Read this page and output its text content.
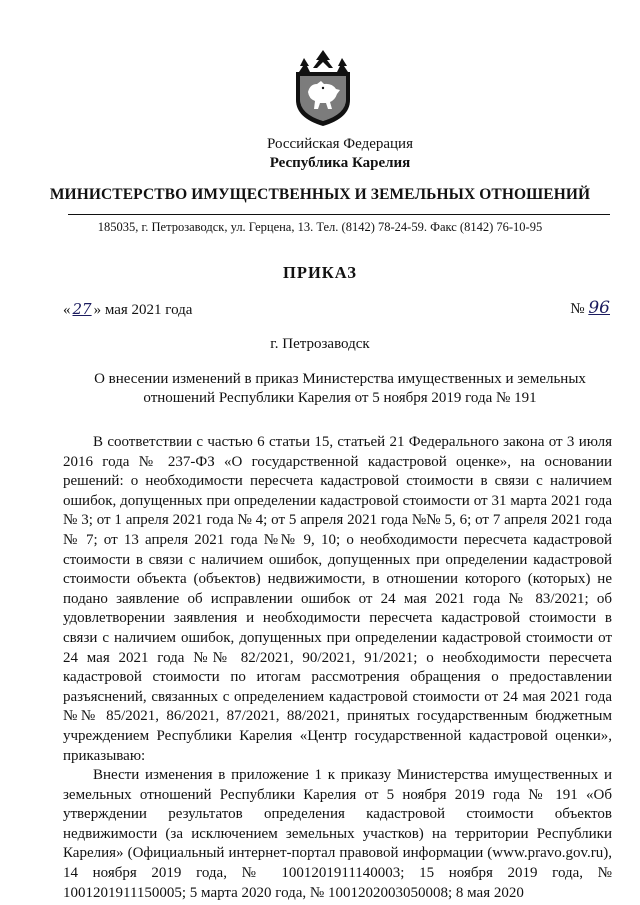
Российская Федерация
Республика Карелия
МИНИСТЕРСТВО ИМУЩЕСТВЕННЫХ И ЗЕМЕЛЬНЫХ ОТНОШЕНИЙ
185035, г. Петрозаводск, ул. Герцена, 13. Тел. (8142) 78-24-59. Факс (8142) 76-10-95
ПРИКАЗ
« 27 » мая 2021 года	№ 96
г. Петрозаводск
О внесении изменений в приказ Министерства имущественных и земельных отношений Республики Карелия от 5 ноября 2019 года № 191

В соответствии с частью 6 статьи 15, статьей 21 Федерального закона от 3 июля 2016 года № 237-ФЗ «О государственной кадастровой оценке», на основании решений: о необходимости пересчета кадастровой стоимости в связи с наличием ошибок, допущенных при определении кадастровой стоимости от 31 марта 2021 года № 3; от 1 апреля 2021 года № 4; от 5 апреля 2021 года №№ 5, 6; от 7 апреля 2021 года № 7; от 13 апреля 2021 года №№ 9, 10; о необходимости пересчета кадастровой стоимости в связи с наличием ошибок, допущенных при определении кадастровой стоимости объекта (объектов) недвижимости, в отношении которого (которых) не подано заявление об исправлении ошибок от 24 мая 2021 года № 83/2021; об удовлетворении заявления и необходимости пересчета кадастровой стоимости в связи с наличием ошибок, допущенных при определении кадастровой стоимости от 24 мая 2021 года №№ 82/2021, 90/2021, 91/2021; о необходимости пересчета кадастровой стоимости по итогам рассмотрения обращения о предоставлении разъяснений, связанных с определением кадастровой стоимости от 24 мая 2021 года №№ 85/2021, 86/2021, 87/2021, 88/2021, принятых государственным бюджетным учреждением Республики Карелия «Центр государственной кадастровой оценки», приказываю:

Внести изменения в приложение 1 к приказу Министерства имущественных и земельных отношений Республики Карелия от 5 ноября 2019 года № 191 «Об утверждении результатов определения кадастровой стоимости объектов недвижимости (за исключением земельных участков) на территории Республики Карелия» (Официальный интернет-портал правовой информации (www.pravo.gov.ru), 14 ноября 2019 года, № 1001201911140003; 15 ноября 2019 года, № 1001201911150005; 5 марта 2020 года, № 1001202003050008; 8 мая 2020
